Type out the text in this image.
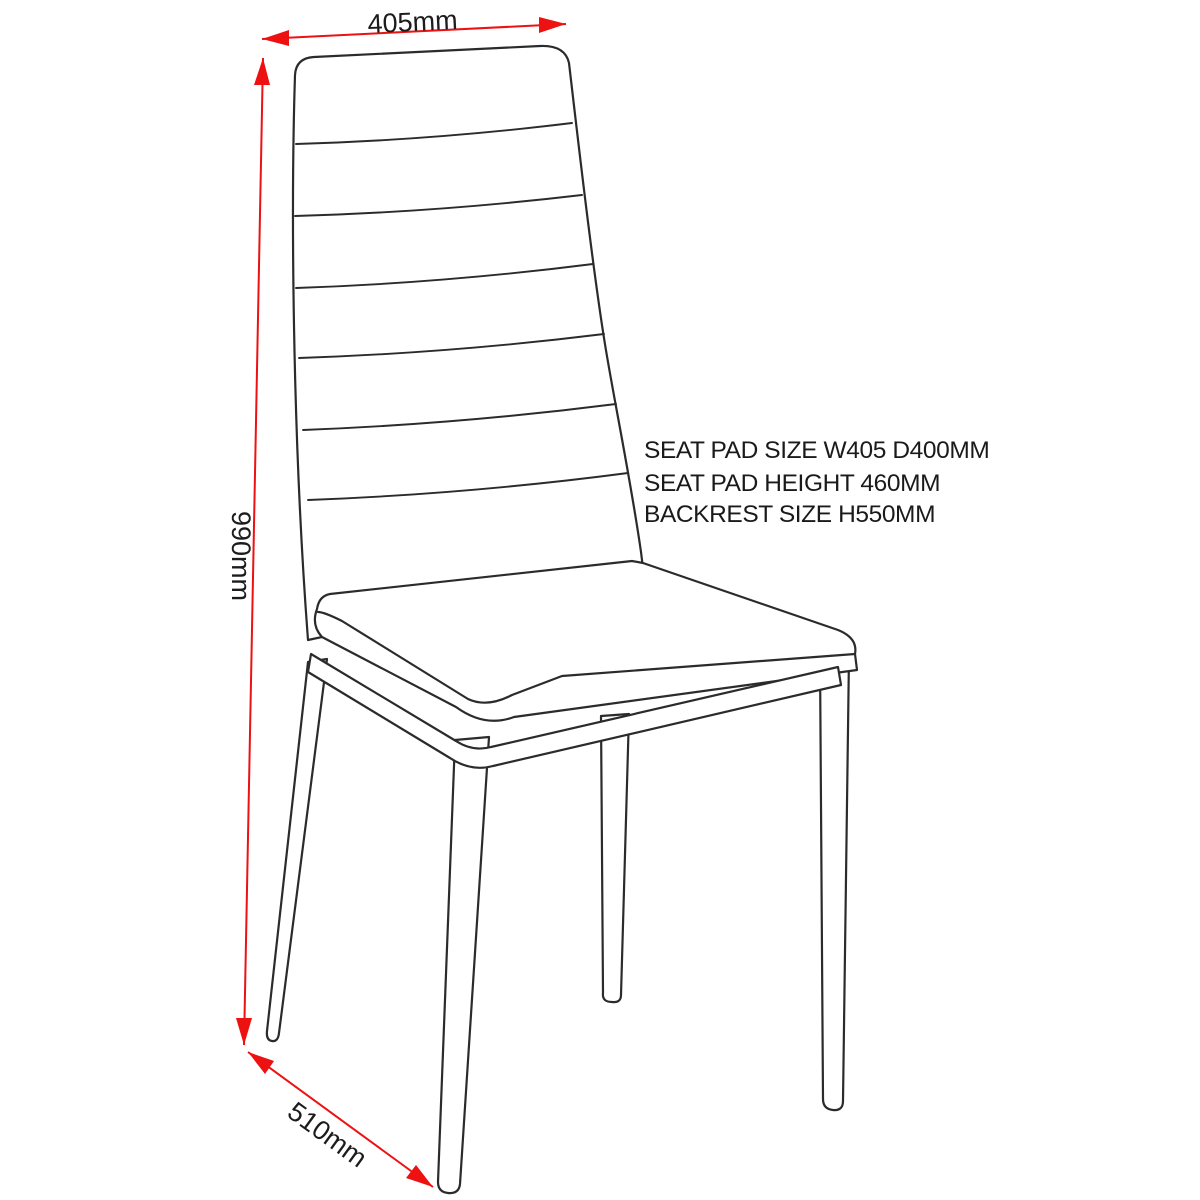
405mm
990mm
510mm
SEAT PAD SIZE W405 D400MM
SEAT PAD HEIGHT 460MM
BACKREST SIZE H550MM
